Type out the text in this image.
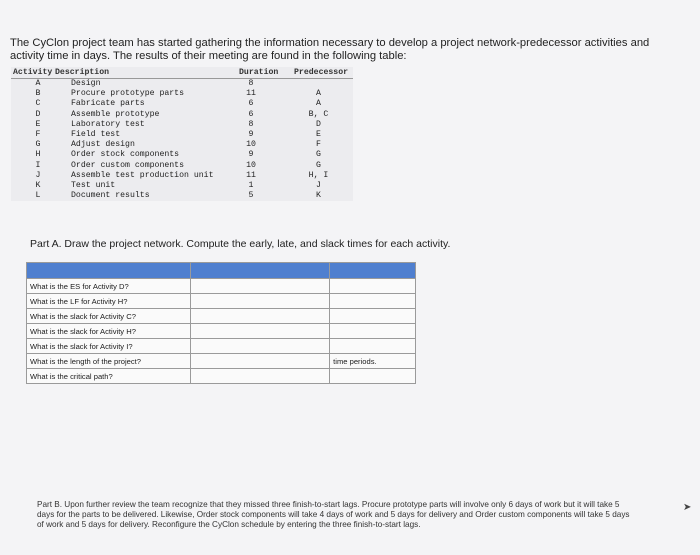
The CyClon project team has started gathering the information necessary to develop a project network-predecessor activities and activity time in days. The results of their meeting are found in the following table:
Activity Description	Duration Predecessor
A	Design	8
B	Procure prototype parts	11	A
C	Fabricate parts	6	A
D	Assemble prototype	6	B, C
E	Laboratory test	8	D
F	Field test	9	E
G	Adjust design	10	F
H	Order stock components	9	G
I	Order custom components	10	G
J	Assemble test production unit	11	H, I
K	Test unit	1	J
L	Document results	5	K
Part A. Draw the project network. Compute the early, late, and slack times for each activity.

What is the ES for Activity D?		
What is the LF for Activity H?		
What is the slack for Activity C?		
What is the slack for Activity H?		
What is the slack for Activity I?		
What is the length of the project?		time periods.
What is the critical path?		
Part B. Upon further review the team recognize that they missed three finish-to-start lags. Procure prototype parts will involve only 6 days of work but it will take 5 days for the parts to be delivered. Likewise, Order stock components will take 4 days of work and 5 days for delivery and Order custom components will take 5 days of work and 5 days for delivery. Reconfigure the CyClon schedule by entering the three finish-to-start lags.
➤
